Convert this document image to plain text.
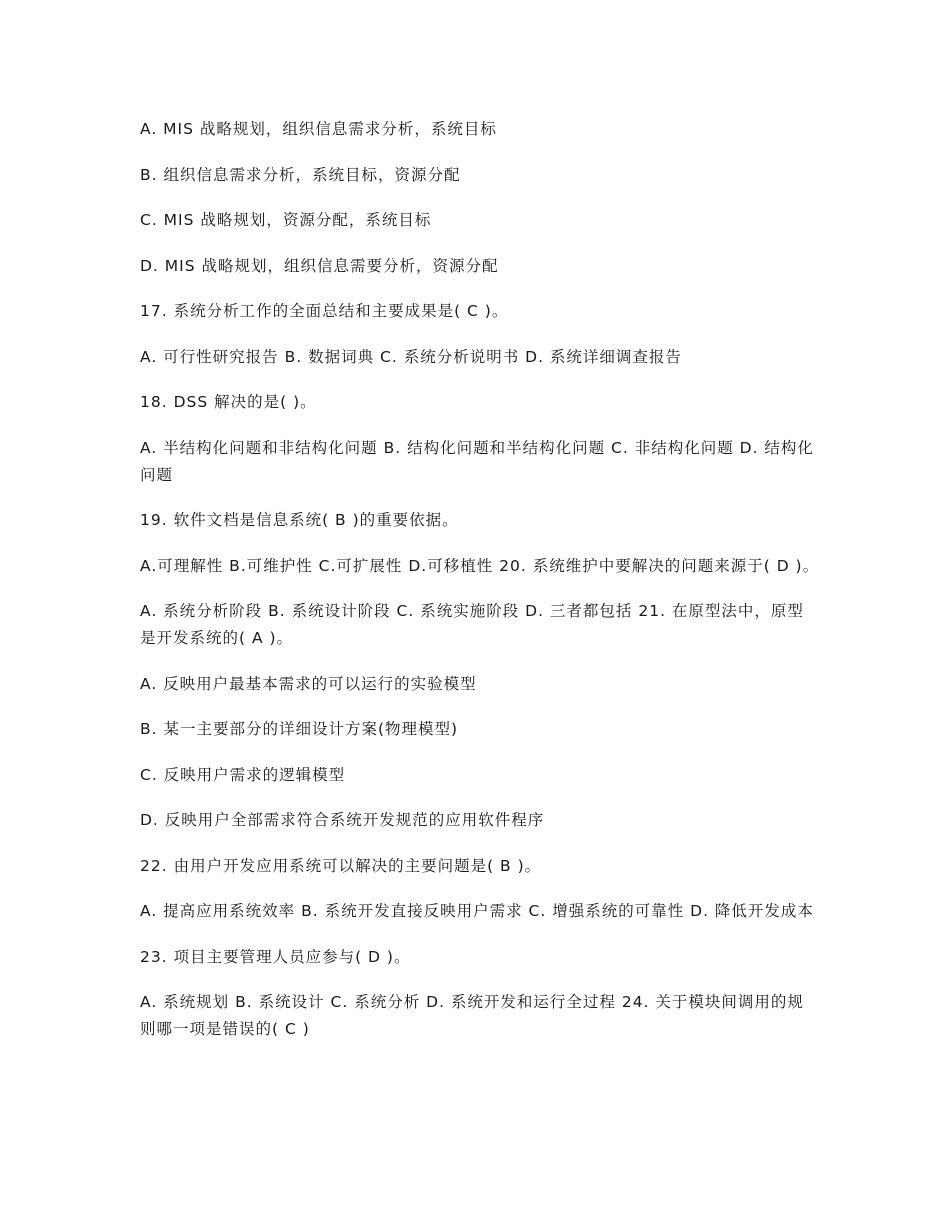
A. MIS 战略规划，组织信息需求分析，系统目标

B. 组织信息需求分析，系统目标，资源分配

C. MIS 战略规划，资源分配，系统目标

D. MIS 战略规划，组织信息需要分析，资源分配

17. 系统分析工作的全面总结和主要成果是( C )。

A. 可行性研究报告 B. 数据词典 C. 系统分析说明书 D. 系统详细调查报告

18. DSS 解决的是( )。

A. 半结构化问题和非结构化问题 B. 结构化问题和半结构化问题 C. 非结构化问题 D. 结构化问题

19. 软件文档是信息系统( B )的重要依据。

A.可理解性 B.可维护性 C.可扩展性 D.可移植性 20. 系统维护中要解决的问题来源于( D )。

A. 系统分析阶段 B. 系统设计阶段 C. 系统实施阶段 D. 三者都包括 21. 在原型法中，原型是开发系统的( A )。

A. 反映用户最基本需求的可以运行的实验模型

B. 某一主要部分的详细设计方案(物理模型)

C. 反映用户需求的逻辑模型

D. 反映用户全部需求符合系统开发规范的应用软件程序

22. 由用户开发应用系统可以解决的主要问题是( B )。

A. 提高应用系统效率 B. 系统开发直接反映用户需求 C. 增强系统的可靠性 D. 降低开发成本

23. 项目主要管理人员应参与( D )。

A. 系统规划 B. 系统设计 C. 系统分析 D. 系统开发和运行全过程 24. 关于模块间调用的规则哪一项是错误的( C )
